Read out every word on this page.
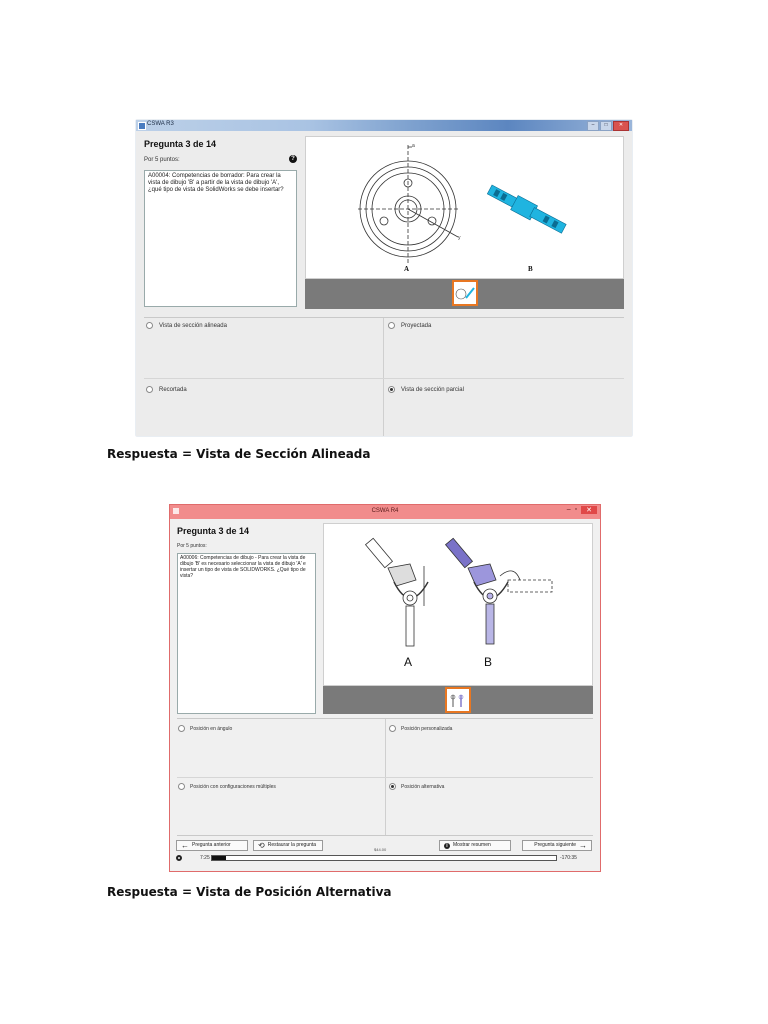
CSWA R3	–	□	✕
Pregunta 3 de 14
Por 5 puntos:	?
A00004: Competencias de borrador: Para crear la vista de dibujo 'B' a partir de la vista de dibujo 'A', ¿qué tipo de vista de SolidWorks se debe insertar?
a
y
A	B
Vista de sección alineada	Proyectada
Recortada	Vista de sección parcial
Respuesta = Vista de Sección Alineada
CSWA R4	– ▫	✕
Pregunta 3 de 14
Por 5 puntos:
A00006: Competencias de dibujo - Para crear la vista de dibujo 'B' es necesario seleccionar la vista de dibujo 'A' e insertar un tipo de vista de SOLIDWORKS. ¿Qué tipo de vista?
A	B
Posición en ángulo	Posición personalizada
Posición con configuraciones múltiples	Posición alternativa
← Pregunta anterior	⟲ Restaurar la pregunta
$44.00
i	Mostrar resumen	Pregunta siguiente →
7:25	-170:35
Respuesta = Vista de Posición Alternativa
